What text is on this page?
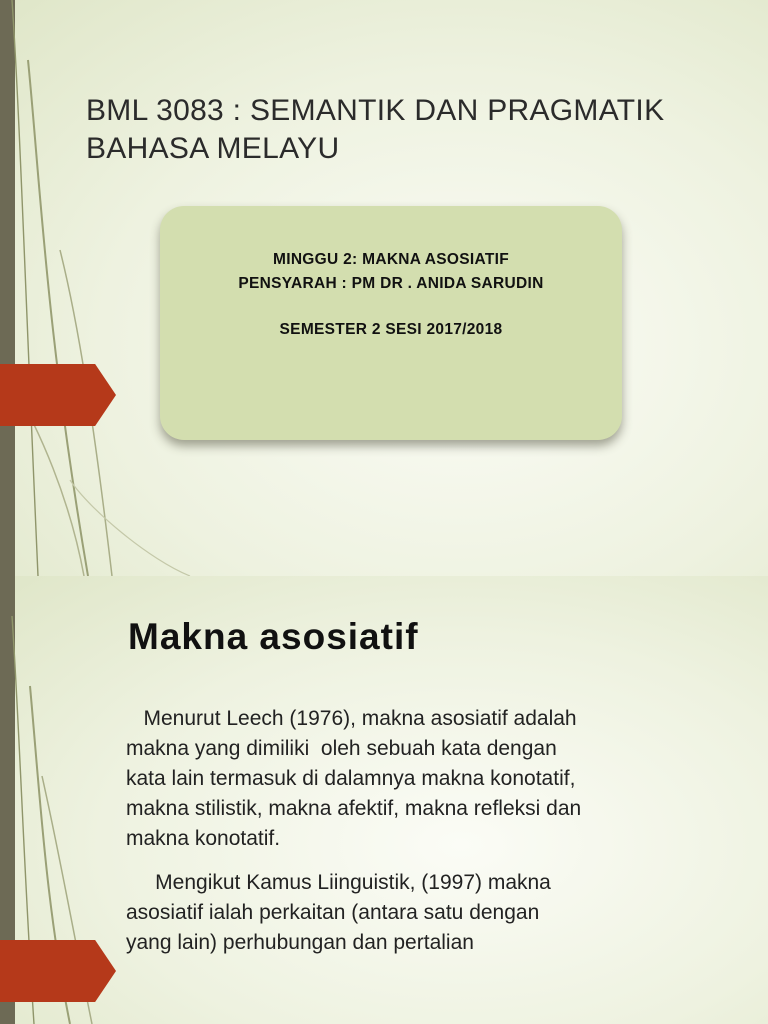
BML 3083 : SEMANTIK DAN PRAGMATIK
BAHASA MELAYU
MINGGU 2: MAKNA ASOSIATIF
PENSYARAH : PM DR . ANIDA SARUDIN
SEMESTER 2 SESI 2017/2018
Makna asosiatif

Menurut Leech (1976), makna asosiatif adalah
makna yang dimiliki  oleh sebuah kata dengan
kata lain termasuk di dalamnya makna konotatif,
makna stilistik, makna afektif, makna refleksi dan
makna konotatif.

Mengikut Kamus Liinguistik, (1997) makna
asosiatif ialah perkaitan (antara satu dengan
yang lain) perhubungan dan pertalian
